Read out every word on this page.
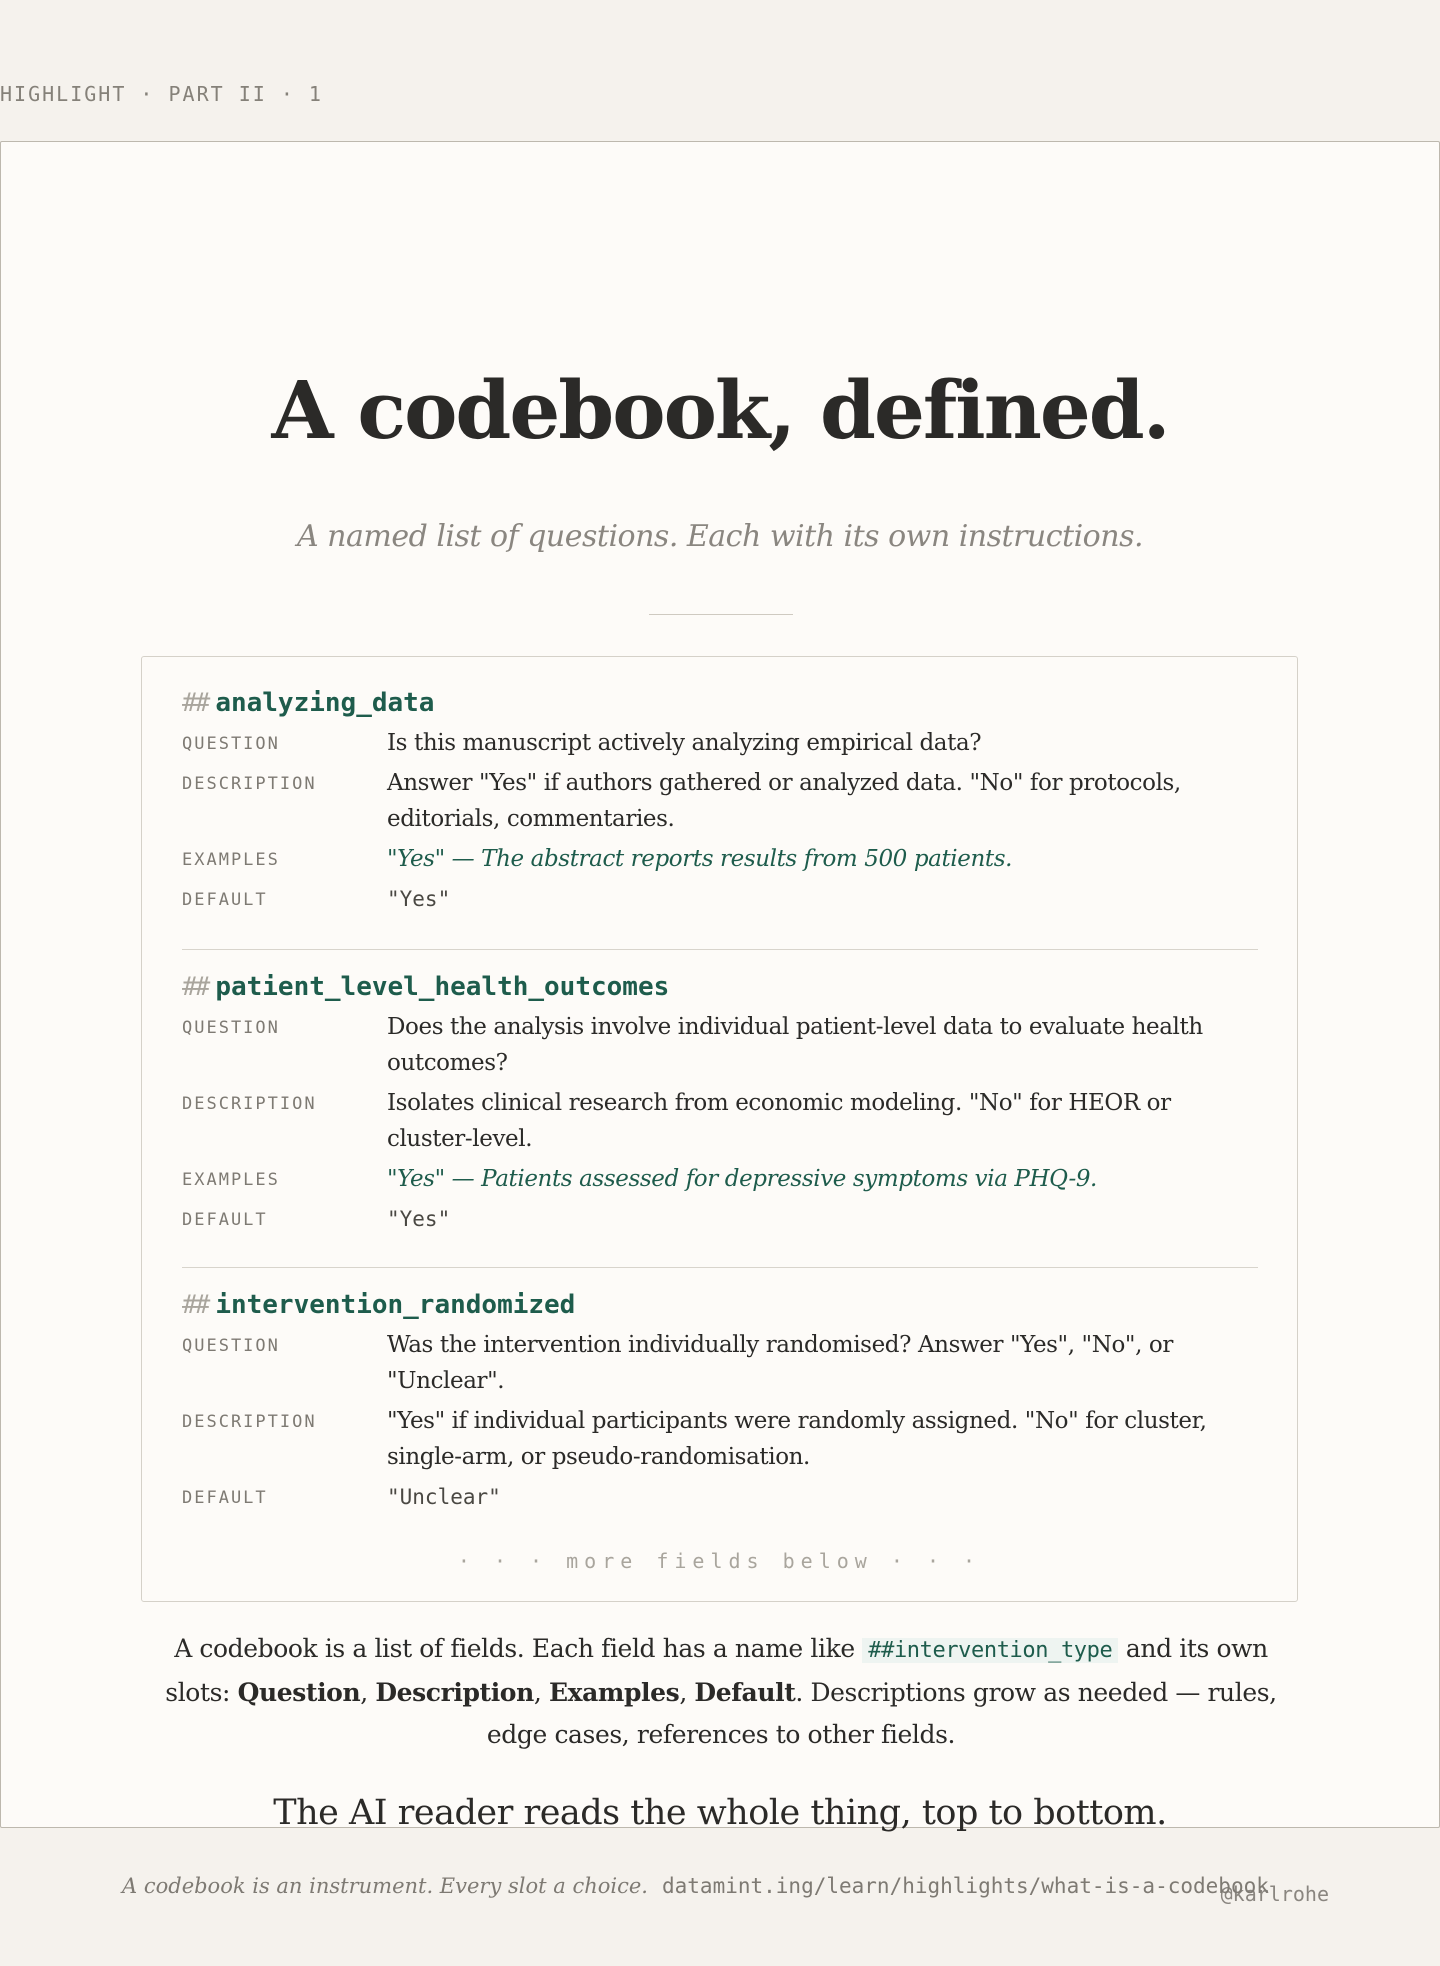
HIGHLIGHT · PART II · 1
A codebook, defined.
A named list of questions. Each with its own instructions.
## analyzing_data
QUESTION	Is this manuscript actively analyzing empirical data?
DESCRIPTION	Answer "Yes" if authors gathered or analyzed data. "No" for protocols, editorials, commentaries.
EXAMPLES	"Yes" — The abstract reports results from 500 patients.
DEFAULT	"Yes"
## patient_level_health_outcomes
QUESTION	Does the analysis involve individual patient-level data to evaluate health outcomes?
DESCRIPTION	Isolates clinical research from economic modeling. "No" for HEOR or cluster-level.
EXAMPLES	"Yes" — Patients assessed for depressive symptoms via PHQ-9.
DEFAULT	"Yes"
## intervention_randomized
QUESTION	Was the intervention individually randomised? Answer "Yes", "No", or "Unclear".
DESCRIPTION	"Yes" if individual participants were randomly assigned. "No" for cluster, single-arm, or pseudo-randomisation.
DEFAULT	"Unclear"
· · · more fields below · · ·
A codebook is a list of fields. Each field has a name like ##intervention_type and its own slots: Question, Description, Examples, Default. Descriptions grow as needed — rules, edge cases, references to other fields.
The AI reader reads the whole thing, top to bottom.
@karlrohe
A codebook is an instrument. Every slot a choice. datamint.ing/learn/highlights/what-is-a-codebook
